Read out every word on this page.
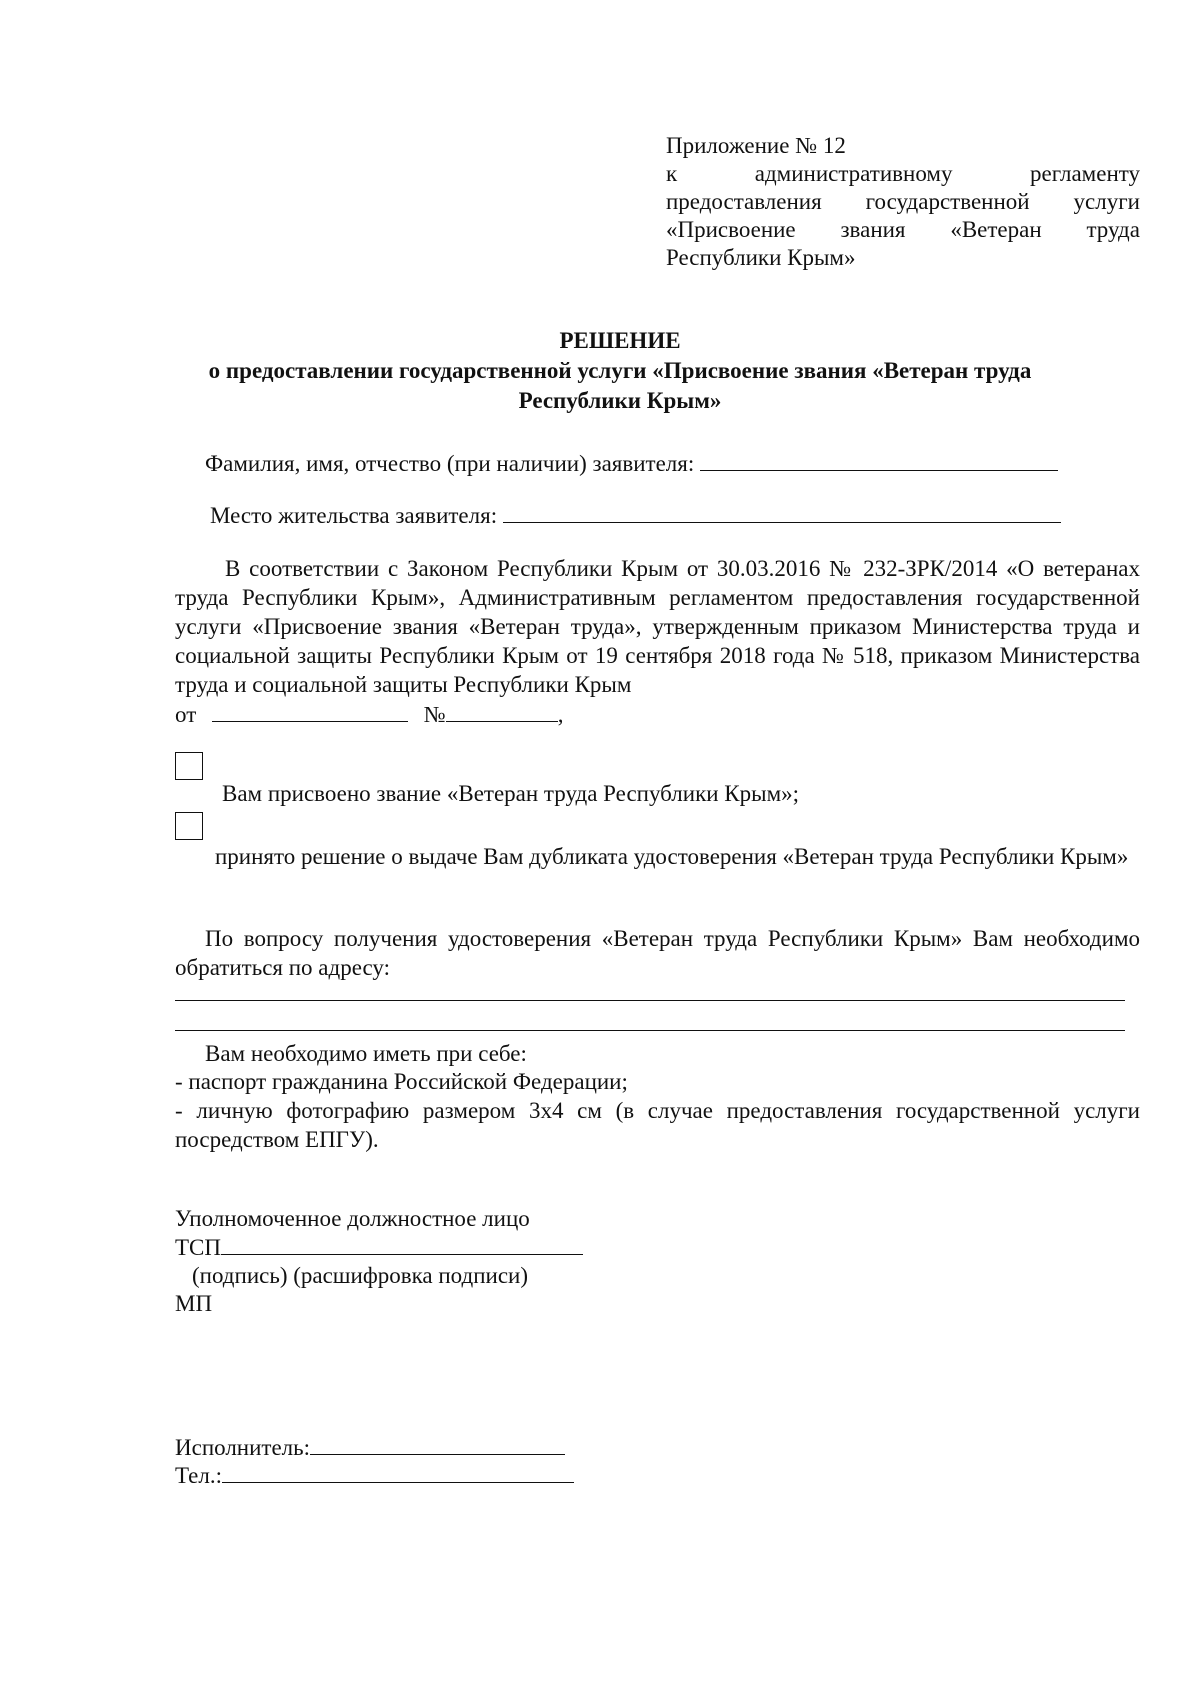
Приложение № 12
к	административному	регламенту
предоставления государственной услуги
«Присвоение звания «Ветеран труда
Республики Крым»
РЕШЕНИЕ
о предоставлении государственной услуги «Присвоение звания «Ветеран труда
Республики Крым»
Фамилия, имя, отчество (при наличии) заявителя:
Место жительства заявителя:
В соответствии с Законом Республики Крым от 30.03.2016 № 232-ЗРК/2014 «О ветеранах труда Республики Крым», Административным регламентом предоставления государственной услуги «Присвоение звания «Ветеран труда», утвержденным приказом Министерства труда и социальной защиты Республики Крым от 19 сентября 2018 года № 518, приказом Министерства труда и социальной защиты Республики Крым
от	№	,
Вам присвоено звание «Ветеран труда Республики Крым»;
принято решение о выдаче Вам дубликата удостоверения «Ветеран труда Республики Крым»
По вопросу получения удостоверения «Ветеран труда Республики Крым» Вам необходимо обратиться по адресу:
Вам необходимо иметь при себе:
- паспорт гражданина Российской Федерации;
- личную фотографию размером 3х4 см (в случае предоставления государственной услуги посредством ЕПГУ).
Уполномоченное должностное лицо
ТСП
(подпись) (расшифровка подписи)
МП
Исполнитель:
Тел.:
